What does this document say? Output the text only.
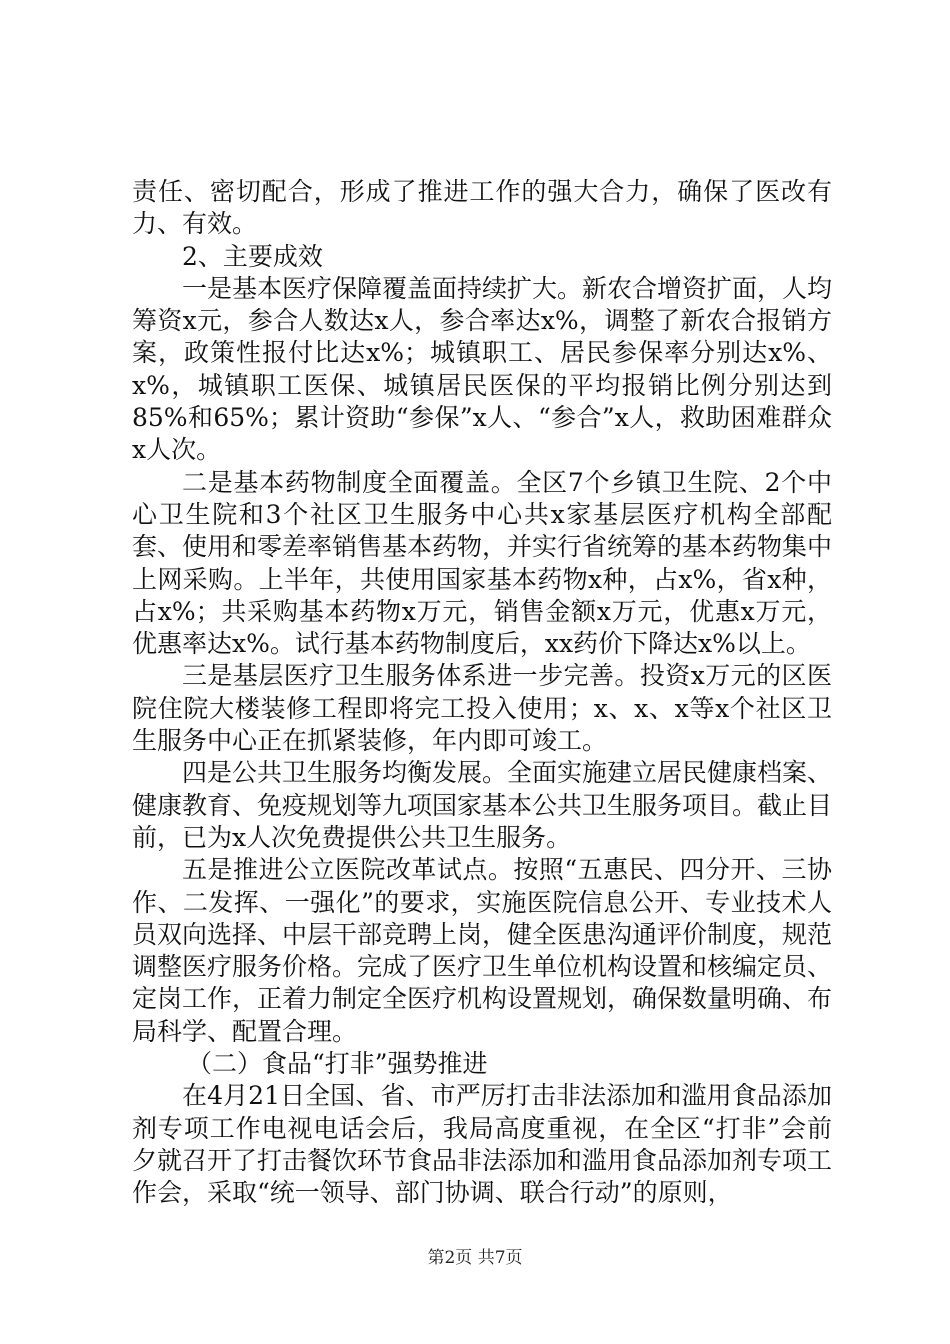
责任、密切配合，形成了推进工作的强大合力，确保了医改有力、有效。

2、主要成效

一是基本医疗保障覆盖面持续扩大。新农合增资扩面，人均筹资x元，参合人数达x人，参合率达x%，调整了新农合报销方案，政策性报付比达x%；城镇职工、居民参保率分别达x%、x%，城镇职工医保、城镇居民医保的平均报销比例分别达到85%和65%；累计资助“参保”x人、“参合”x人，救助困难群众x人次。

二是基本药物制度全面覆盖。全区7个乡镇卫生院、2个中心卫生院和3个社区卫生服务中心共x家基层医疗机构全部配套、使用和零差率销售基本药物，并实行省统筹的基本药物集中上网采购。上半年，共使用国家基本药物x种，占x%，省x种，占x%；共采购基本药物x万元，销售金额x万元，优惠x万元，优惠率达x%。试行基本药物制度后，xx药价下降达x%以上。

三是基层医疗卫生服务体系进一步完善。投资x万元的区医院住院大楼装修工程即将完工投入使用；x、x、x等x个社区卫生服务中心正在抓紧装修，年内即可竣工。

四是公共卫生服务均衡发展。全面实施建立居民健康档案、健康教育、免疫规划等九项国家基本公共卫生服务项目。截止目前，已为x人次免费提供公共卫生服务。

五是推进公立医院改革试点。按照“五惠民、四分开、三协作、二发挥、一强化”的要求，实施医院信息公开、专业技术人员双向选择、中层干部竞聘上岗，健全医患沟通评价制度，规范调整医疗服务价格。完成了医疗卫生单位机构设置和核编定员、定岗工作，正着力制定全医疗机构设置规划，确保数量明确、布局科学、配置合理。

（二）食品“打非”强势推进

在4月21日全国、省、市严厉打击非法添加和滥用食品添加剂专项工作电视电话会后，我局高度重视，在全区“打非”会前夕就召开了打击餐饮环节食品非法添加和滥用食品添加剂专项工作会，采取“统一领导、部门协调、联合行动”的原则，

第2页 共7页
